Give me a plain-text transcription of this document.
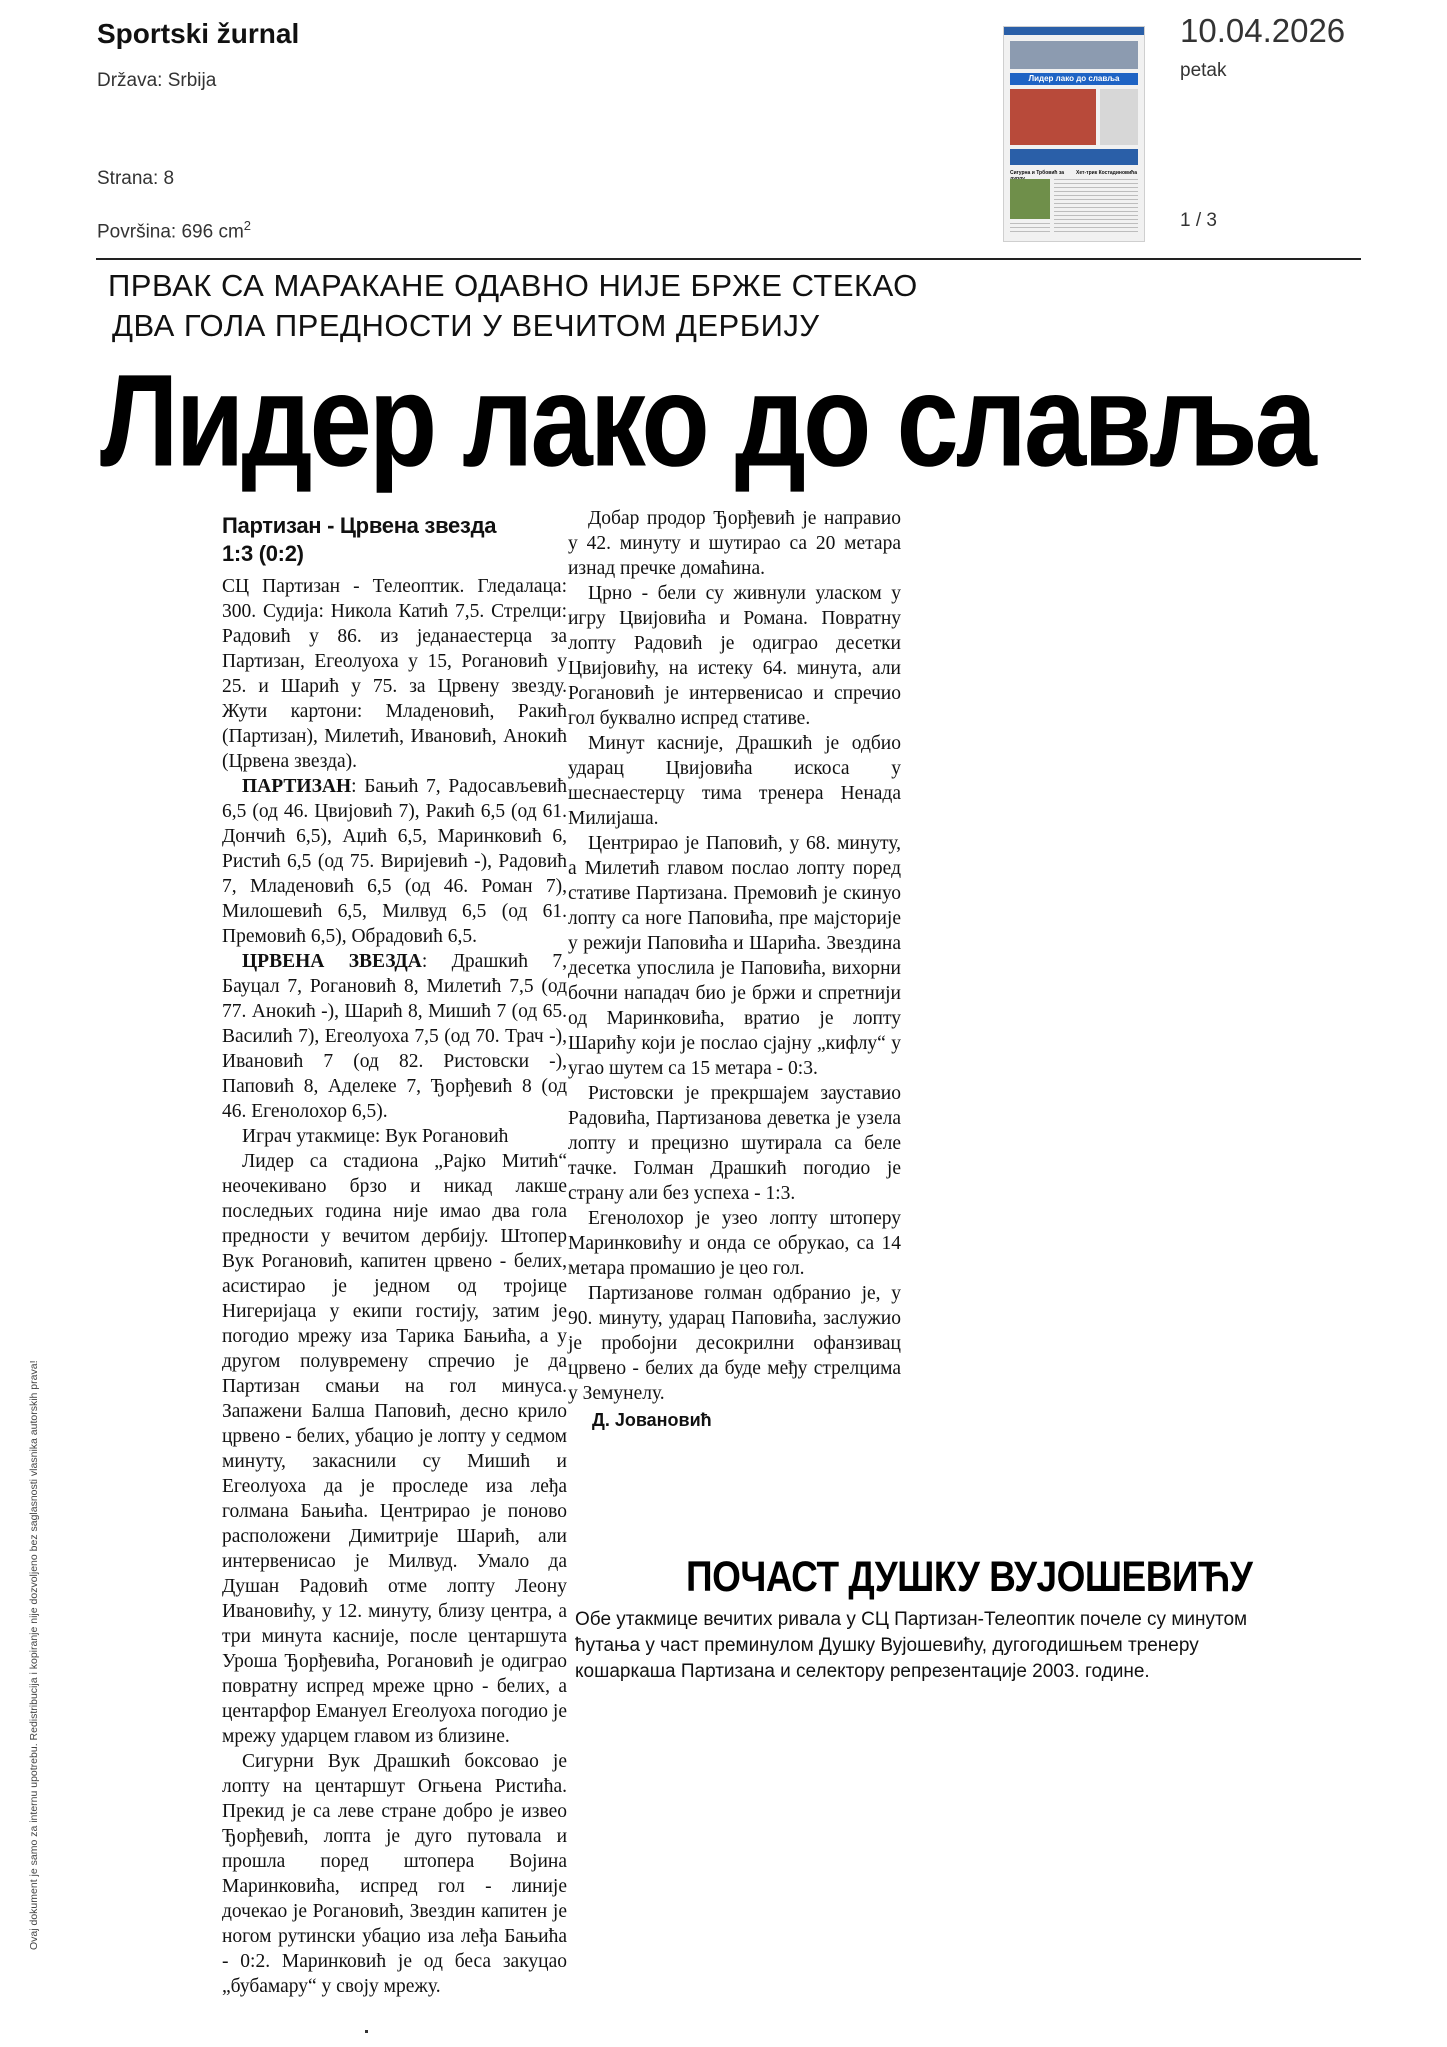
Sportski žurnal
Država: Srbija
Strana: 8
Površina: 696 $cm^2$
Лидер лако до славља
Сигурна и Трбовић за	Хет-трик Костадиновића
10.04.2026
petak
1 / 3
ПРВАК СА МАРАКАНЕ ОДАВНО НИЈЕ БРЖЕ СТЕКАО
ДВА ГОЛА ПРЕДНОСТИ У ВЕЧИТОМ ДЕРБИЈУ
Лидер лако до славља
Партизан - Црвена звезда
1:3 (0:2)

СЦ Партизан - Телеоптик. Гледалаца: 300. Судија: Никола Катић 7,5. Стрелци: Радовић у 86. из једанаестерца за Партизан, Егеолуоха у 15, Рогановић у 25. и Шарић у 75. за Црвену звезду. Жути картони: Младеновић, Ракић (Партизан), Милетић, Ивановић, Анокић (Црвена звезда).

ПАРТИЗАН: Бањић 7, Радосављевић 6,5 (од 46. Цвијовић 7), Ракић 6,5 (од 61. Дончић 6,5), Аџић 6,5, Маринковић 6, Ристић 6,5 (од 75. Виријевић -), Радовић 7, Младеновић 6,5 (од 46. Роман 7), Милошевић 6,5, Милвуд 6,5 (од 61. Премовић 6,5), Обрадовић 6,5.

ЦРВЕНА ЗВЕЗДА: Драшкић 7, Бауцал 7, Рогановић 8, Милетић 7,5 (од 77. Анокић -), Шарић 8, Мишић 7 (од 65. Василић 7), Егеолуоха 7,5 (од 70. Трач -), Ивановић 7 (од 82. Ристовски -), Паповић 8, Аделеке 7, Ђорђевић 8 (од 46. Егенолохор 6,5).

Играч утакмице: Вук Рогановић

Лидер са стадиона „Рајко Митић“ неочекивано брзо и никад лакше последњих година није имао два гола предности у вечитом дербију. Штопер Вук Рогановић, капитен црвено - белих, асистирао је једном од тројице Нигеријаца у екипи гостију, затим је погодио мрежу иза Тарика Бањића, а у другом полувремену спречио је да Партизан смањи на гол минуса. Запажени Балша Паповић, десно крило црвено - белих, убацио је лопту у седмом минуту, закаснили су Мишић и Егеолуоха да је проследе иза леђа голмана Бањића. Центрирао је поново расположени Димитрије Шарић, али интервенисао је Милвуд. Умало да Душан Радовић отме лопту Леону Ивановићу, у 12. минуту, близу центра, а три минута касније, после центаршута Уроша Ђорђевића, Рогановић је одиграо повратну испред мреже црно - белих, а центарфор Емануел Егеолуоха погодио је мрежу ударцем главом из близине.

Сигурни Вук Драшкић боксовао је лопту на центаршут Огњена Ристића. Прекид је са леве стране добро је извео Ђорђевић, лопта је дуго путовала и прошла поред штопера Војина Маринковића, испред гол - линије дочекао је Рогановић, Звездин капитен је ногом рутински убацио иза леђа Бањића - 0:2. Маринковић је од беса закуцао „бубамару“ у своју мрежу.

Добар продор Ђорђевић је направио у 42. минуту и шутирао са 20 метара изнад пречке домаћина.

Црно - бели су живнули уласком у игру Цвијовића и Романа. Повратну лопту Радовић је одиграо десетки Цвијовићу, на истеку 64. минута, али Рогановић је интервенисао и спречио гол буквално испред стативе.

Минут касније, Драшкић је одбио ударац Цвијовића искоса у шеснаестерцу тима тренера Ненада Милијаша.

Центрирао је Паповић, у 68. минуту, а Милетић главом послао лопту поред стативе Партизана. Премовић је скинуо лопту са ноге Паповића, пре мајсторије у режији Паповића и Шарића. Звездина десетка упослила је Паповића, вихорни бочни нападач био је бржи и спретнији од Маринковића, вратио је лопту Шарићу који је послао сјајну „кифлу“ у угао шутем са 15 метара - 0:3.

Ристовски је прекршајем зауставио Радовића, Партизанова деветка је узела лопту и прецизно шутирала са беле тачке. Голман Драшкић погодио је страну али без успеха - 1:3.

Егенолохор је узео лопту штоперу Маринковићу и онда се обрукао, са 14 метара промашио је цео гол.

Партизанове голман одбранио је, у 90. минуту, ударац Паповића, заслужио је пробојни десокрилни офанзивац црвено - белих да буде међу стрелцима у Земунелу.

Д. Јовановић
ПОЧАСТ ДУШКУ ВУЈОШЕВИЋУ
Обе утакмице вечитих ривала у СЦ Партизан-Телеоптик почеле су минутом ћутања у част преминулом Душку Вујошевићу, дугогодишњем тренеру кошаркаша Партизана и селектору репрезентације 2003. године.
Ovaj dokument je samo za internu upotrebu. Redistribucija i kopiranje nije dozvoljeno bez saglasnosti vlasnika autorskih prava!
